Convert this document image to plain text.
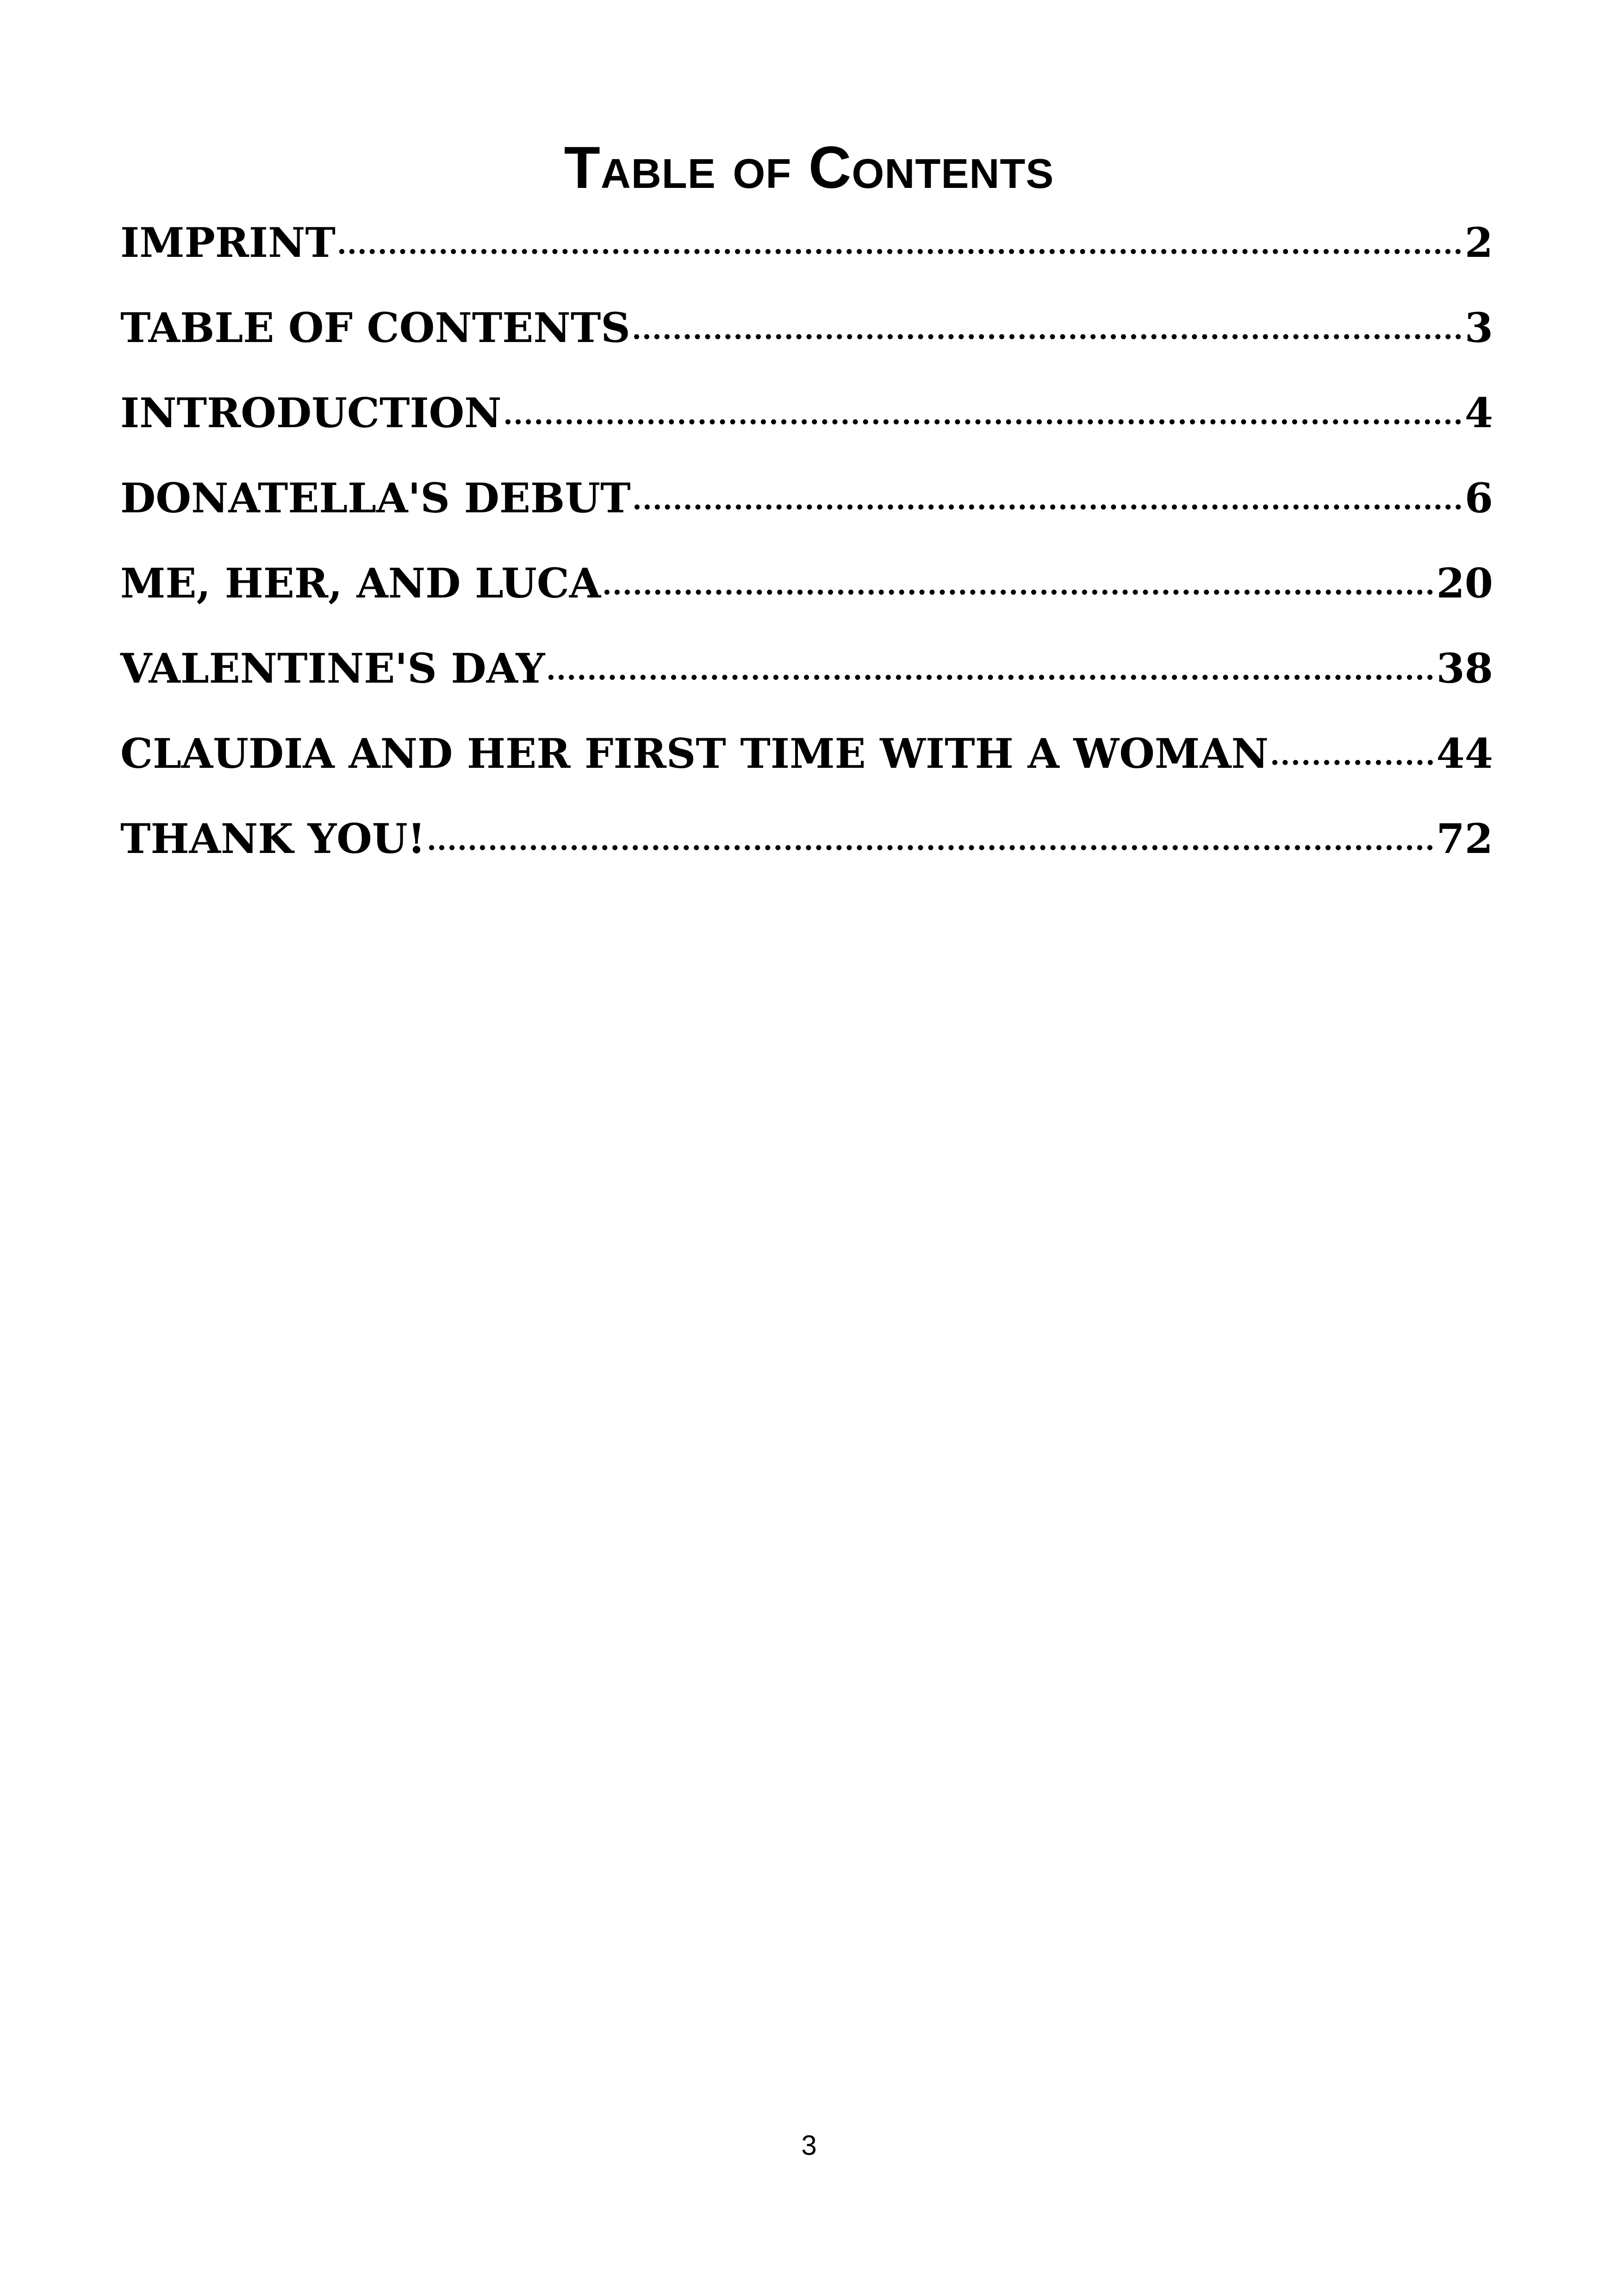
Table of Contents
IMPRINT	2
TABLE OF CONTENTS	3
INTRODUCTION	4
DONATELLA'S DEBUT	6
ME, HER, AND LUCA	20
VALENTINE'S DAY	38
CLAUDIA AND HER FIRST TIME WITH A WOMAN	44
THANK YOU!	72
3
